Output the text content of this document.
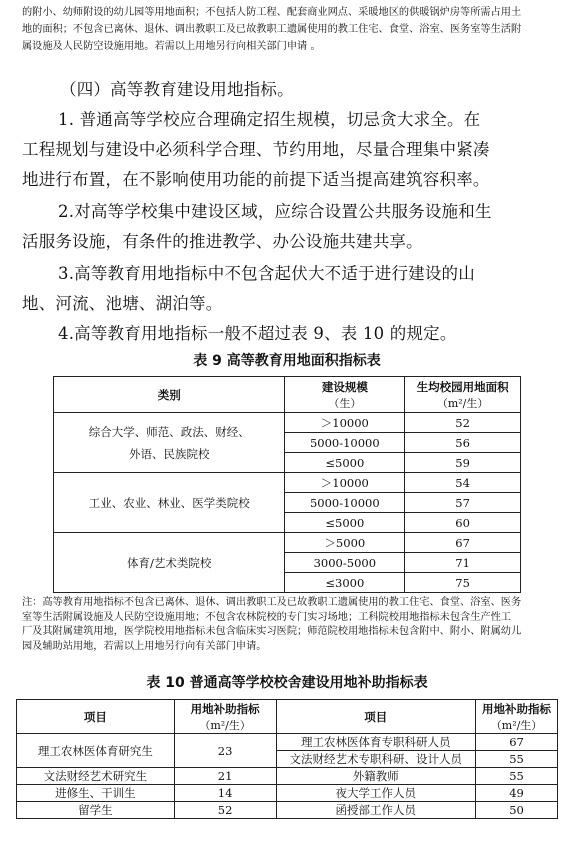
的附小、幼师附设的幼儿园等用地面积；不包括人防工程、配套商业网点、采暖地区的供暖锅炉房等所需占用土
地的面积；不包含已离休、退休、调出教职工及已故教职工遗属使用的教工住宅、食堂、浴室、医务室等生活附
属设施及人民防空设施用地。若需以上用地另行向相关部门申请 。
（四）高等教育建设用地指标。
1. 普通高等学校应合理确定招生规模，切忌贪大求全。在
工程规划与建设中必须科学合理、节约用地，尽量合理集中紧凑
地进行布置，在不影响使用功能的前提下适当提高建筑容积率。
2.对高等学校集中建设区域，应综合设置公共服务设施和生
活服务设施，有条件的推进教学、办公设施共建共享。
3.高等教育用地指标中不包含起伏大不适于进行建设的山
地、河流、池塘、湖泊等。
4.高等教育用地指标一般不超过表 9、表 10 的规定。
表 9 高等教育用地面积指标表
类别	建设规模
（生）	生均校园用地面积
（m²/生）

综合大学、师范、政法、财经、
外语、民族院校	＞10000	52
	5000-10000	56
	≤5000	59
工业、农业、林业、医学类院校	＞10000	54
	5000-10000	57
	≤5000	60
体育/艺术类院校	＞5000	67
	3000-5000	71
	≤3000	75
注：高等教育用地指标不包含已离休、退休、调出教职工及已故教职工遗属使用的教工住宅、食堂、浴室、医务
室等生活附属设施及人民防空设施用地；不包含农林院校的专门实习场地；工科院校用地指标未包含生产性工
厂及其附属建筑用地，医学院校用地指标未包含临床实习医院；师范院校用地指标未包含附中、附小、附属幼儿
园及辅助站用地，若需以上用地另行向有关部门申请。
表 10 普通高等学校校舍建设用地补助指标表
项目	用地补助指标
（m²/生）	项目	用地补助指标
（m²/生）

理工农林医体育研究生	23	理工农林医体育专职科研人员	67
		文法财经艺术专职科研、设计人员	55
文法财经艺术研究生	21	外籍教师	55
进修生、干训生	14	夜大学工作人员	49
留学生	52	函授部工作人员	50
